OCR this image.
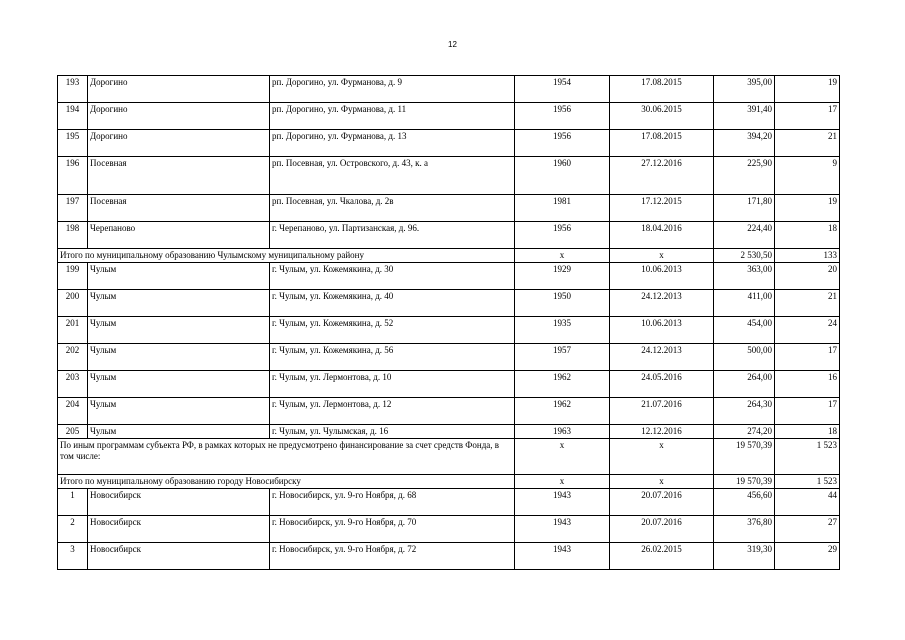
12
193	Дорогино	рп. Дорогино, ул. Фурманова, д. 9	1954	17.08.2015	395,00	19	
194	Дорогино	рп. Дорогино, ул. Фурманова, д. 11	1956	30.06.2015	391,40	17	
195	Дорогино	рп. Дорогино, ул. Фурманова, д. 13	1956	17.08.2015	394,20	21	
196	Посевная	рп. Посевная, ул. Островского, д. 43, к. а	1960	27.12.2016	225,90	9	
197	Посевная	рп. Посевная, ул. Чкалова, д. 2в	1981	17.12.2015	171,80	19	
198	Черепаново	г. Черепаново, ул. Партизанская, д. 96.	1956	18.04.2016	224,40	18	
Итого по муниципальному образованию Чулымскому муниципальному району			x	x	2 530,50	133	
199	Чулым	г. Чулым, ул. Кожемякина, д. 30	1929	10.06.2013	363,00	20	
200	Чулым	г. Чулым, ул. Кожемякина, д. 40	1950	24.12.2013	411,00	21	
201	Чулым	г. Чулым, ул. Кожемякина, д. 52	1935	10.06.2013	454,00	24	
202	Чулым	г. Чулым, ул. Кожемякина, д. 56	1957	24.12.2013	500,00	17	
203	Чулым	г. Чулым, ул. Лермонтова, д. 10	1962	24.05.2016	264,00	16	
204	Чулым	г. Чулым, ул. Лермонтова, д. 12	1962	21.07.2016	264,30	17	
205	Чулым	г. Чулым, ул. Чулымская, д. 16	1963	12.12.2016	274,20	18	
По иным программам субъекта РФ, в рамках которых не предусмотрено финансирование за счет средств Фонда, в том числе:			x	x	19 570,39	1 523	
Итого по муниципальному образованию городу Новосибирску			x	x	19 570,39	1 523	
1	Новосибирск	г. Новосибирск, ул. 9-го Ноября, д. 68	1943	20.07.2016	456,60	44	
2	Новосибирск	г. Новосибирск, ул. 9-го Ноября, д. 70	1943	20.07.2016	376,80	27	
3	Новосибирск	г. Новосибирск, ул. 9-го Ноября, д. 72	1943	26.02.2015	319,30	29	
